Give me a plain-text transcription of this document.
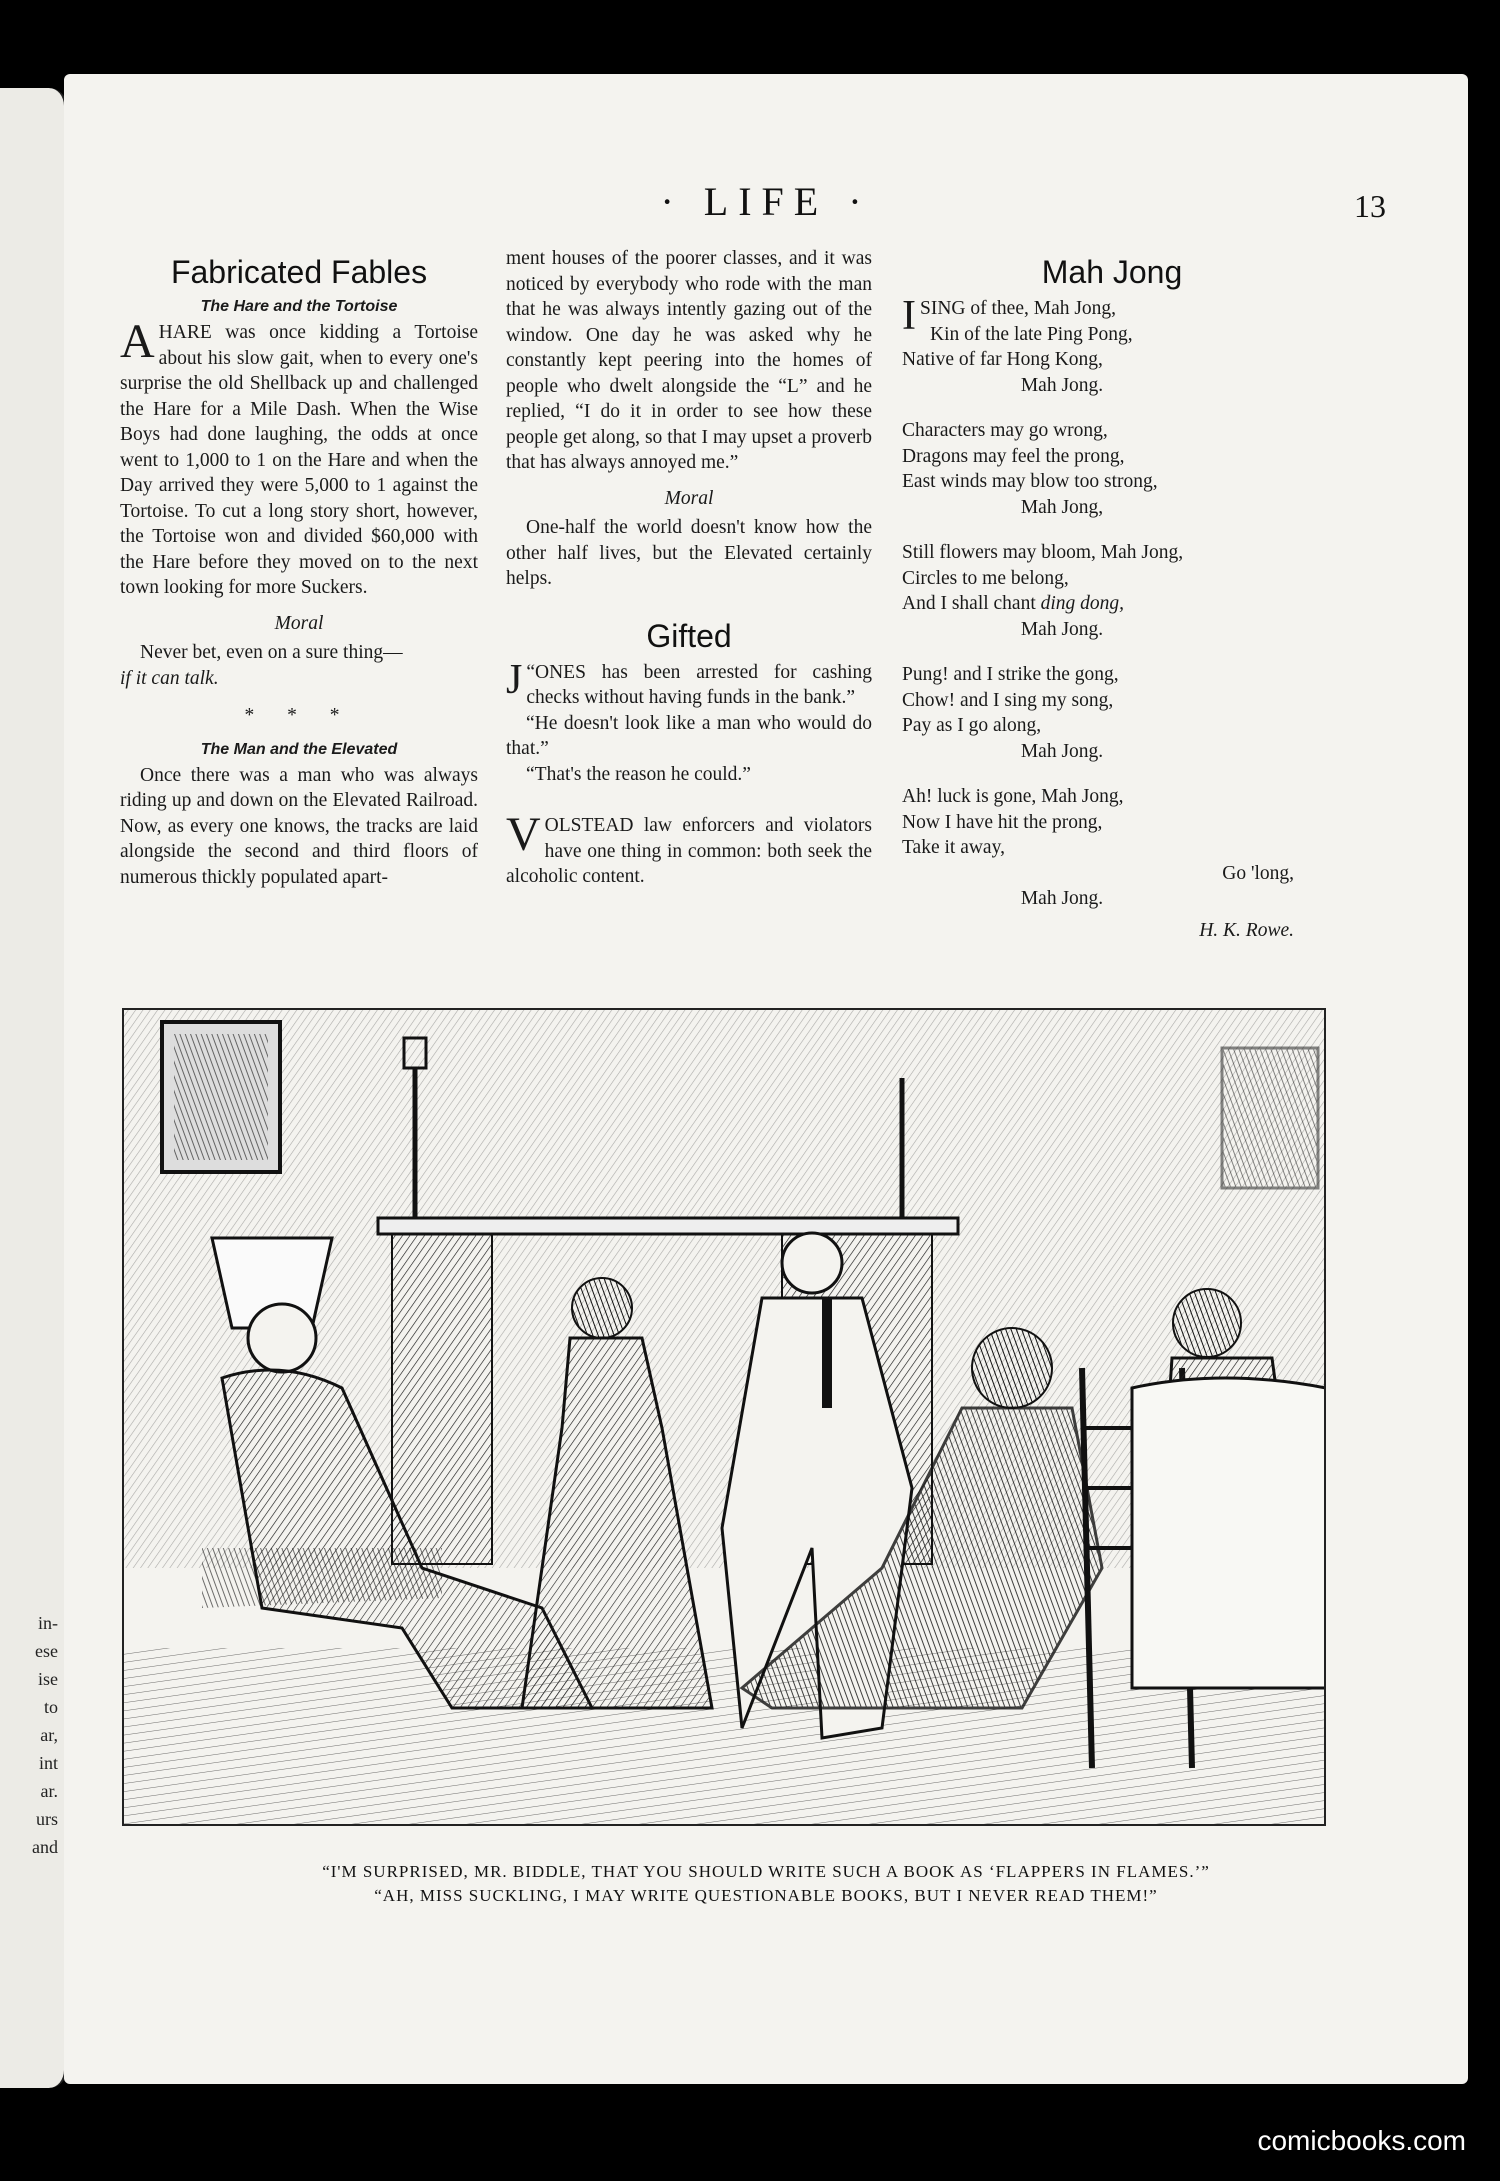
in-
ese
ise
to
ar,
int
ar.
urs
and
· LIFE ·	13
Fabricated Fables
The Hare and the Tortoise

AHARE was once kidding a Tortoise about his slow gait, when to every one's surprise the old Shellback up and challenged the Hare for a Mile Dash. When the Wise Boys had done laughing, the odds at once went to 1,000 to 1 on the Hare and when the Day arrived they were 5,000 to 1 against the Tortoise. To cut a long story short, however, the Tortoise won and divided $60,000 with the Hare before they moved on to the next town looking for more Suckers.

Moral

Never bet, even on a sure thing—
if it can talk.

* * *

The Man and the Elevated

Once there was a man who was always riding up and down on the Elevated Railroad. Now, as every one knows, the tracks are laid alongside the second and third floors of numerous thickly populated apart-

ment houses of the poorer classes, and it was noticed by everybody who rode with the man that he was always intently gazing out of the window. One day he was asked why he constantly kept peering into the homes of people who dwelt alongside the “L” and he replied, “I do it in order to see how these people get along, so that I may upset a proverb that has always annoyed me.”

Moral

One-half the world doesn't know how the other half lives, but the Elevated certainly helps.

Gifted

“
J ONES has been arrested for cashing checks without having funds in the bank.”

“He doesn't look like a man who would do that.”

“That's the reason he could.”

VOLSTEAD law enforcers and violators have one thing in common: both seek the alcoholic content.

Mah Jong

ISING of thee, Mah Jong,

Kin of the late Ping Pong,

Native of far Hong Kong,

Mah Jong.

Characters may go wrong,

Dragons may feel the prong,

East winds may blow too strong,

Mah Jong,

Still flowers may bloom, Mah Jong,

Circles to me belong,

And I shall chant ding dong,

Mah Jong.

Pung! and I strike the gong,

Chow! and I sing my song,

Pay as I go along,

Mah Jong.

Ah! luck is gone, Mah Jong,

Now I have hit the prong,

Take it away,

Go 'long,

Mah Jong.

H. K. Rowe.

“I'M SURPRISED, MR. BIDDLE, THAT YOU SHOULD WRITE SUCH A BOOK AS ‘FLAPPERS IN FLAMES.’”
“AH, MISS SUCKLING, I MAY WRITE QUESTIONABLE BOOKS, BUT I NEVER READ THEM!”
comicbooks.com
